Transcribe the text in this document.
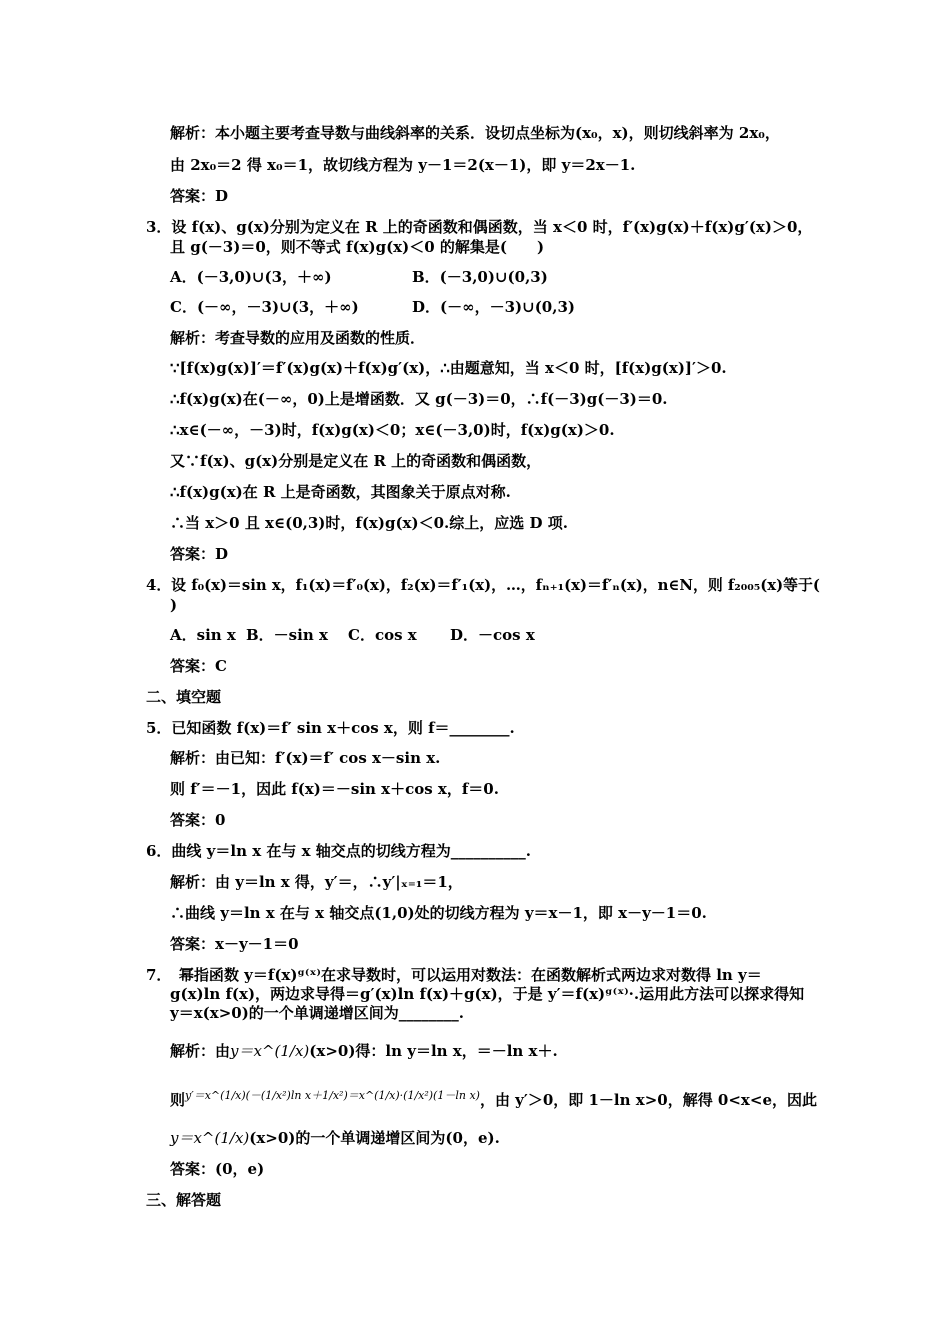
解析：本小题主要考查导数与曲线斜率的关系．设切点坐标为(x₀，x)，则切线斜率为 2x₀，
由 2x₀＝2 得 x₀＝1，故切线方程为 y－1＝2(x－1)，即 y＝2x－1.
答案：D
3．设 f(x)、g(x)分别为定义在 R 上的奇函数和偶函数，当 x＜0 时，f′(x)g(x)＋f(x)g′(x)＞0，
且 g(－3)＝0，则不等式 f(x)g(x)＜0 的解集是(　　)
A．(－3,0)∪(3，＋∞)	B．(－3,0)∪(0,3)
C．(－∞，－3)∪(3，＋∞)	D．(－∞，－3)∪(0,3)
解析：考查导数的应用及函数的性质．
∵[f(x)g(x)]′＝f′(x)g(x)＋f(x)g′(x)，∴由题意知，当 x＜0 时，[f(x)g(x)]′＞0.
∴f(x)g(x)在(－∞，0)上是增函数．又 g(－3)＝0，∴f(－3)g(－3)＝0.
∴x∈(－∞，－3)时，f(x)g(x)＜0；x∈(－3,0)时，f(x)g(x)＞0.
又∵f(x)、g(x)分别是定义在 R 上的奇函数和偶函数，
∴f(x)g(x)在 R 上是奇函数，其图象关于原点对称.
∴当 x＞0 且 x∈(0,3)时，f(x)g(x)＜0.综上，应选 D 项.
答案：D
4．设 f₀(x)＝sin x，f₁(x)＝f′₀(x)，f₂(x)＝f′₁(x)，…，fₙ₊₁(x)＝f′ₙ(x)，n∈N，则 f₂₀₀₅(x)等于(
)
A．sin x B．－sin x C．cos x D．－cos x
答案：C
二、填空题
5．已知函数 f(x)＝f′ sin x＋cos x，则 f＝________.
解析：由已知：f′(x)＝f′ cos x－sin x.
则 f′＝－1，因此 f(x)＝－sin x＋cos x，f＝0.
答案：0
6．曲线 y＝ln x 在与 x 轴交点的切线方程为__________.
解析：由 y＝ln x 得，y′＝，∴y′|ₓ₌₁＝1，
∴曲线 y＝ln x 在与 x 轴交点(1,0)处的切线方程为 y＝x－1，即 x－y－1＝0.
答案：x－y－1＝0
7．　幂指函数 y＝f(x)ᵍ⁽ˣ⁾在求导数时，可以运用对数法：在函数解析式两边求对数得 ln y＝
g(x)ln f(x)，两边求导得＝g′(x)ln f(x)＋g(x)，于是 y′＝f(x)ᵍ⁽ˣ⁾·.运用此方法可以探求得知
y＝x(x>0)的一个单调递增区间为________.
解析：由y＝x^(1/x)(x>0)得：ln y＝ln x，＝－ln x＋.
则y′＝x^(1/x)(－(1/x²)ln x＋1/x²)＝x^(1/x)·(1/x²)(1－ln x)，由 y′＞0，即 1－ln x>0，解得 0<x<e，因此
y＝x^(1/x)(x>0)的一个单调递增区间为(0，e).
答案：(0，e)
三、解答题
